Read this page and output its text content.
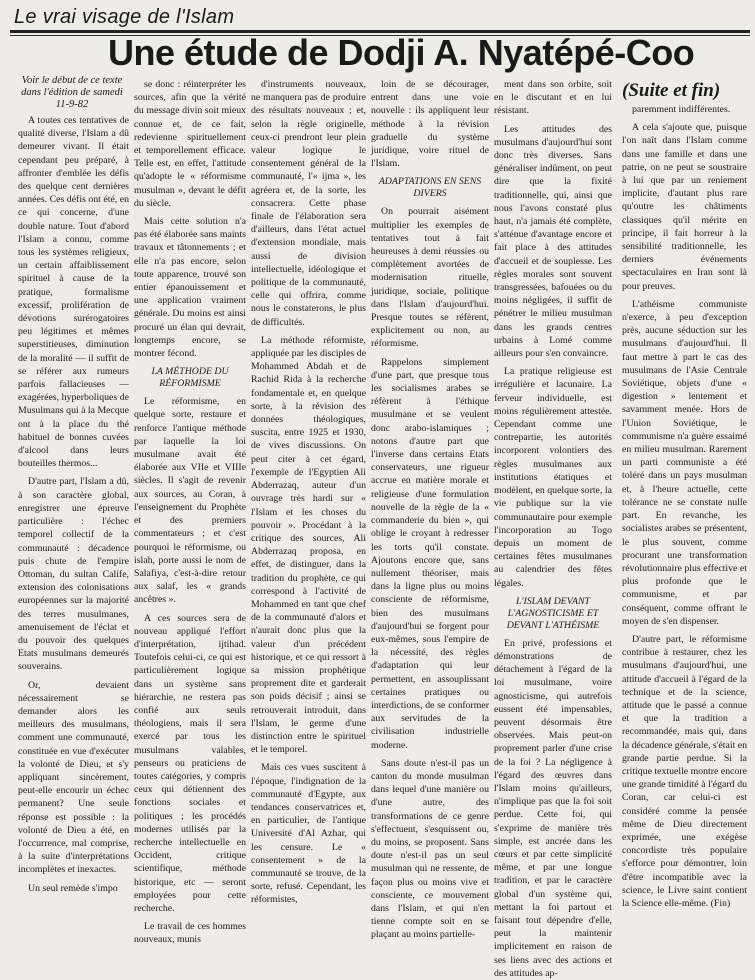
Le vrai visage de l'Islam
Une étude de Dodji A. Nyatépé-Coo
(Suite et fin)
Voir le début de ce texte dans l'édition de samedi 11-9-82

A toutes ces tentatives de qualité diverse, l'Islam a dû demeurer vivant. Il était cependant peu préparé, à affronter d'emblée les défis des quelque cent dernières années. Ces défis ont été, en ce qui concerne, d'une double nature. Tout d'abord l'Islam a connu, comme tous les systèmes religieux, un certain affaiblissement spirituel à cause de la pratique, formalisme excessif, prolifération de dévotions surérogatoires peu légitimes et mêmes superstitieuses, diminution de la moralité — il suffit de se référer aux rumeurs parfois fallacieuses — exagérées, hyperboliques de Musulmans qui à la Mecque ont à la place du thé habituel de bonnes cuvées d'alcool dans leurs bouteilles thermos...

D'autre part, l'Islam a dû, à son caractère global, enregistrer une épreuve particulière : l'échec temporel collectif de la communauté : décadence puis chute de l'empire Ottoman, du sultan Calife, extension des colonisations européennes sur la majorité des terres musulmanes, amenuisement de l'éclat et du pouvoir des quelques Etats musulmans demeurés souverains.

Or, devaient nécessairement se demander alors les meilleurs des musulmans, comment une communauté, constituée en vue d'exécuter la volonté de Dieu, et s'y appliquant sincèrement, peut-elle encourir un échec permanent? Une seule réponse est possible : la volonté de Dieu a été, en l'occurrence, mal comprise, à la suite d'interprétations incomplètes et inexactes.

Un seul remède s'impo

se donc : réinterpréter les sources, afin que la vérité du message divin soit mieux connue et, de ce fait, redevienne spirituellement et temporellement efficace. Telle est, en effet, l'attitude qu'adopte le « réformisme musulman », devant le défit du siècle.

Mais cette solution n'a pas été élaborée sans maints travaux et tâtonnements ; et elle n'a pas encore, selon toute apparence, trouvé son entier épanouissement et une application vraiment générale. Du moins est ainsi procuré un élan qui devrait, longtemps encore, se montrer fécond.

LA MÉTHODE DU RÉFORMISME

Le réformisme, en quelque sorte, restaure et renforce l'antique méthode par laquelle la loi musulmane avait été élaborée aux VIIe et VIIIe siècles. Il s'agit de revenir aux sources, au Coran, à l'enseignement du Prophète et des premiers commentateurs ; et c'est pourquoi le réformisme, ou islah, porte aussi le nom de Salafiya, c'est-à-dire retour aux salaf, les « grands ancêtres ».

A ces sources sera de nouveau appliqué l'effort d'interprétation, ijtihad. Toutefois celui-ci, ce qui est particulièrement logique dans un système sans hiérarchie, ne restera pas confié aux seuls théologiens, mais il sera exercé par tous les musulmans valables, penseurs ou praticiens de toutes catégories, y compris ceux qui détiennent des fonctions sociales et politiques ; les procédés modernes utilisés par la recherche intellectuelle en Occident, critique scientifique, méthode historique, etc — seront employées pour cette recherche.

Le travail de ces hommes nouveaux, munis

d'instruments nouveaux, ne manquera pas de produire des résultats nouveaux ; et, selon la règle originelle, ceux-ci prendront leur plein valeur logique le consentement général de la communauté, l'« ijma », les agréera et, de la sorte, les consacrera. Cette phase finale de l'élaboration sera d'ailleurs, dans l'état actuel d'extension mondiale, mais aussi de division intellectuelle, idéologique et politique de la communauté, celle qui offrira, comme nous le constaterons, le plus de difficultés.

La méthode réformiste, appliquée par les disciples de Mohammed Abdah et de Rachid Rida à la recherche fondamentale et, en quelque sorte, à la révision des données théologiques, suscita, entre 1925 et 1930, de vives discussions. On peut citer à cet égard, l'exemple de l'Egyptien Ali Abderrazaq, auteur d'un ouvrage très hardi sur « l'Islam et les choses du pouvoir ». Procédant à la critique des sources, Ali Abderrazaq proposa, en effet, de distinguer, dans la tradition du prophète, ce qui correspond à l'activité de Mohammed en tant que chef de la communauté d'alors et n'aurait donc plus que la valeur d'un précédent historique, et ce qui ressort à sa mission prophétique proprement dite et garderait son poids décisif ; ainsi se retrouverait introduit, dans l'Islam, le germe d'une distinction entre le spirituel et le temporel.

Mais ces vues suscitent à l'époque, l'indignation de la communauté d'Egypte, aux tendances conservatrices et, en particulier, de l'antique Université d'Al Azhar, qui les censure. Le « consentement » de la communauté se trouve, de la sorte, refusé. Cependant, les réformistes,

loin de se décourager, entrent dans une voie nouvelle : ils appliquent leur méthode à la révision graduelle du système juridique, voire rituel de l'Islam.

ADAPTATIONS EN SENS DIVERS

On pourrait aisément multiplier les exemples de tentatives tout à fait heureuses à demi réussies ou complètement avortées de modernisation rituelle, juridique, sociale, politique dans l'Islam d'aujourd'hui. Presque toutes se réfèrent, explicitement ou non, au réformisme.

Rappelons simplement d'une part, que presque tous les socialismes arabes se réfèrent à l'éthique musulmane et se veulent donc arabo-islamiques ; notons d'autre part que l'inverse dans certains Etats conservateurs, une rigueur accrue en matière morale et religieuse d'une formulation nouvelle de la règle de la « commanderie du bien », qui oblige le croyant à redresser les torts qu'il constate. Ajoutons encore que, sans nullement théoriser, mais dans la ligne plus ou moins consciente de réformisme, bien des musulmans d'aujourd'hui se forgent pour eux-mêmes, sous l'empire de la nécessité, des règles d'adaptation qui leur permettent, en assouplissant certaines pratiques ou interdictions, de se conformer aux servitudes de la civilisation industrielle moderne.

Sans doute n'est-il pas un canton du monde musulman dans lequel d'une manière ou d'une autre, des transformations de ce genre s'effectuent, s'esquissent ou, du moins, se proposent. Sans doute n'est-il pas un seul musulman qui ne ressente, de façon plus ou moins vive et consciente, ce mouvement dans l'Islam, et qui n'en tienne compte soit en se plaçant au moins partielle-

ment dans son orbite, soit en le discutant et en lui résistant.

Les attitudes des musulmans d'aujourd'hui sont donc très diverses. Sans généraliser indûment, on peut dire que la fixité traditionnelle, qui, ainsi que nous l'avons constaté plus haut, n'a jamais été complète, s'atténue d'avantage encore et fait place à des attitudes d'accueil et de souplesse. Les règles morales sont souvent transgressées, bafouées ou du moins négligées, il suffit de pénétrer le milieu musulman dans les grands centres urbains à Lomé comme ailleurs pour s'en convaincre.

La pratique religieuse est irrégulière et lacunaire. La ferveur individuelle, est moins régulièrement attestée. Cependant comme une contrepartie, les autorités incorporent volontiers des règles musulmanes aux institutions étatiques et modèlent, en quelque sorte, la vie publique sur la vie communautaire pour exemple l'incorporation au Togo depuis un moment de certaines fêtes musulmanes au calendrier des fêtes légales.

L'ISLAM DEVANT L'AGNOSTICISME ET DEVANT L'ATHÉISME

En privé, professions et démonstrations de détachement à l'égard de la loi musulmane, voire agnosticisme, qui autrefois eussent été impensables, peuvent désormais être observées. Mais peut-on proprement parler d'une crise de la foi ? La négligence à l'égard des œuvres dans l'Islam moins qu'ailleurs, n'implique pas que la foi soit perdue. Cette foi, qui s'exprime de manière très simple, est ancrée dans les cœurs et par cette simplicité même, et par une longue tradition, et par le caractère global d'un système qui, mettant la foi partout et faisant tout dépendre d'elle, peut la maintenir implicitement en raison de ses liens avec des actions et des attitudes ap-

paremment indifférentes.

A cela s'ajoute que, puisque l'on naît dans l'Islam comme dans une famille et dans une patrie, on ne peut se soustraire à lui que par un reniement implicite, d'autant plus rare qu'outre les châtiments classiques qu'il mérite en principe, il fait horreur à la sensibilité traditionnelle, les derniers événements spectaculaires en Iran sont là pour preuves.

L'athéisme communiste n'exerce, à peu d'exception près, aucune séduction sur les musulmans d'aujourd'hui. Il faut mettre à part le cas des musulmans de l'Asie Centrale Soviétique, objets d'une « digestion » lentement et savamment menée. Hors de l'Union Soviétique, le communisme n'a guère essaimé en milieu musulman. Rarement un parti communiste a été toléré dans un pays musulman et, à l'heure actuelle, cette tolérance ne se constate nulle part. En revanche, les socialistes arabes se présentent, le plus souvent, comme procurant une transformation révolutionnaire plus effective et plus profonde que le communisme, et par conséquent, comme offrant le moyen de s'en dispenser.

D'autre part, le réformisme contribue à restaurer, chez les musulmans d'aujourd'hui, une attitude d'accueil à l'égard de la technique et de la science, attitude que le passé a connue et que la tradition a recommandée, mais qui, dans la décadence générale, s'était en grande partie perdue. Si la critique textuelle montre encore une grande timidité à l'égard du Coran, car celui-ci est considéré comme la pensée même de Dieu directement exprimée, une exégèse concordiste très populaire s'efforce pour démontrer, loin d'être incompatible avec la science, le Livre saint contient la Science elle-même. (Fin)
